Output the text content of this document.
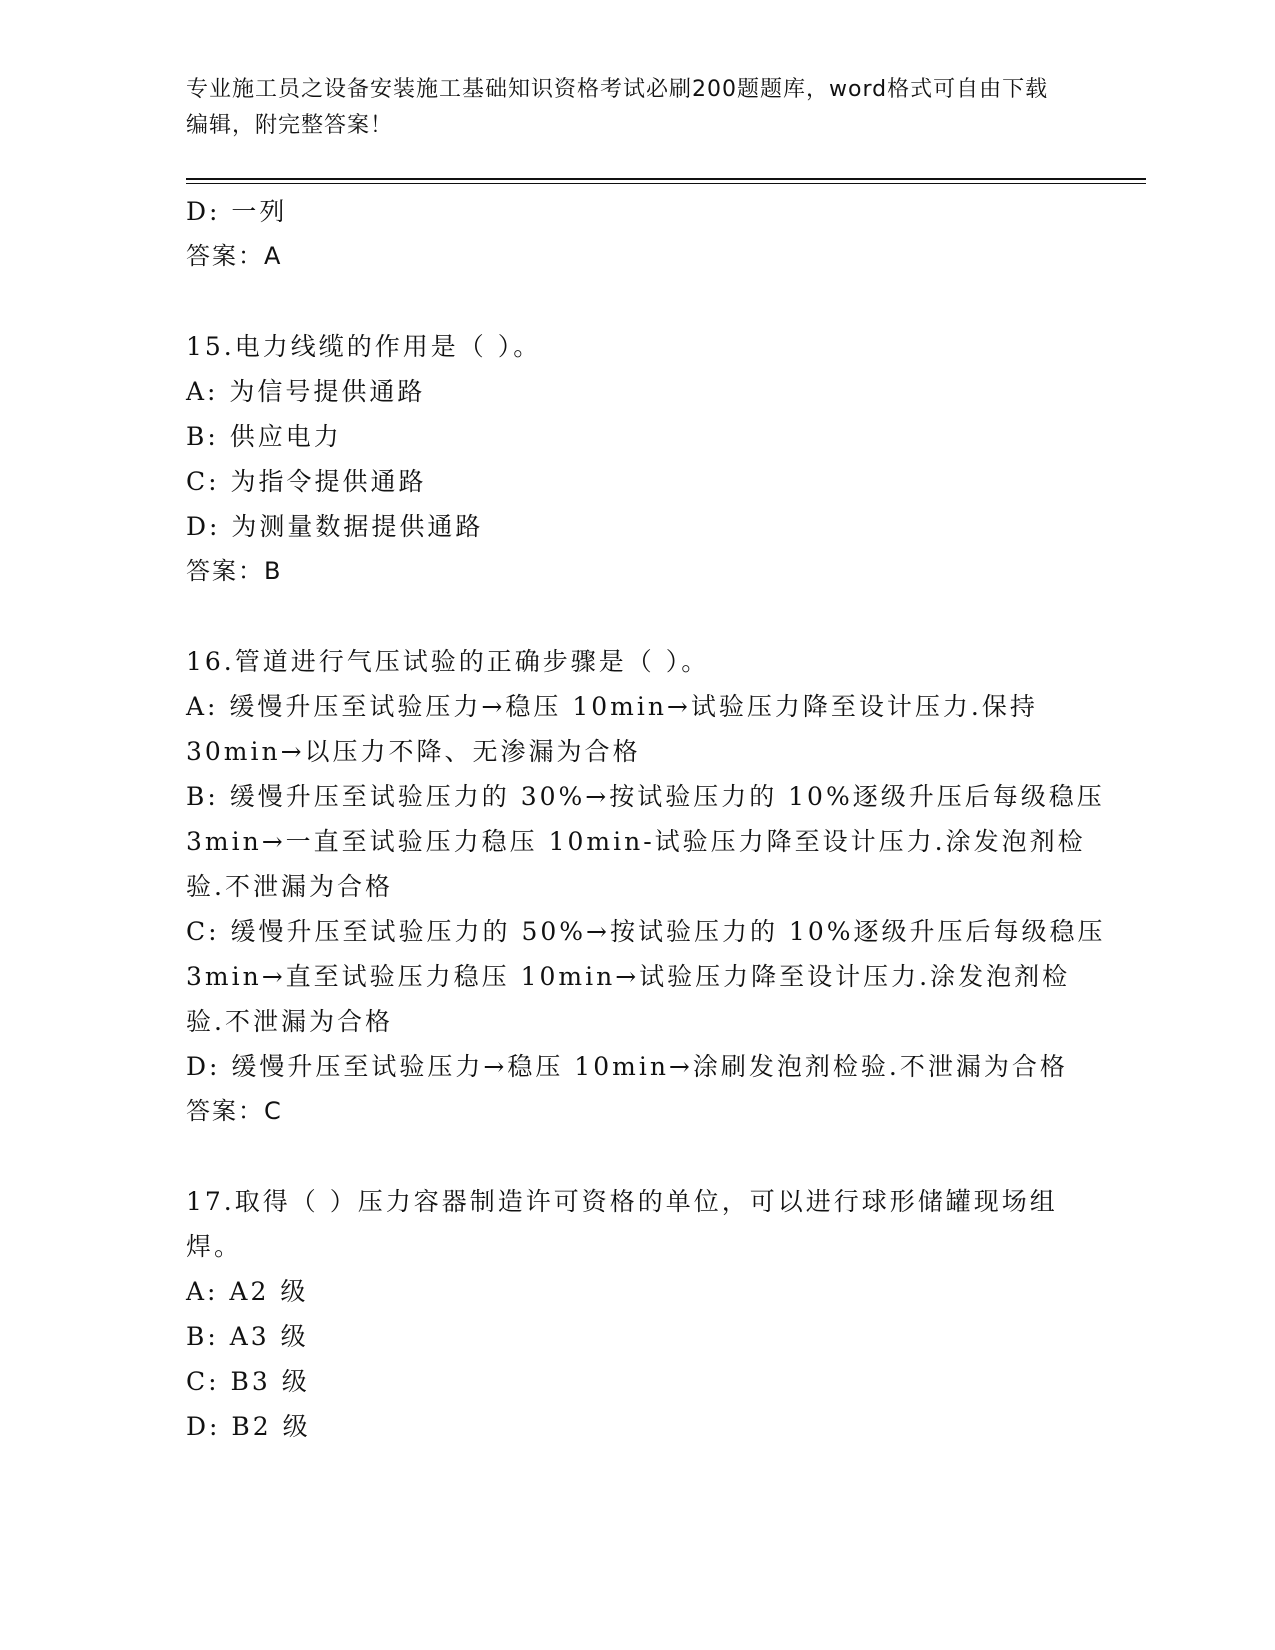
专业施工员之设备安装施工基础知识资格考试必刷200题题库，word格式可自由下载编辑，附完整答案！
D: 一列
答案：A
15.电力线缆的作用是（ ）。
A: 为信号提供通路
B: 供应电力
C: 为指令提供通路
D: 为测量数据提供通路
答案：B
16.管道进行气压试验的正确步骤是（ ）。
A: 缓慢升压至试验压力→稳压 10min→试验压力降至设计压力.保持30min→以压力不降、无渗漏为合格
B: 缓慢升压至试验压力的 30%→按试验压力的 10%逐级升压后每级稳压 3min→一直至试验压力稳压 10min-试验压力降至设计压力.涂发泡剂检验.不泄漏为合格
C: 缓慢升压至试验压力的 50%→按试验压力的 10%逐级升压后每级稳压 3min→直至试验压力稳压 10min→试验压力降至设计压力.涂发泡剂检验.不泄漏为合格
D: 缓慢升压至试验压力→稳压 10min→涂刷发泡剂检验.不泄漏为合格
答案：C
17.取得（ ）压力容器制造许可资格的单位，可以进行球形储罐现场组焊。
A: A2 级
B: A3 级
C: B3 级
D: B2 级
